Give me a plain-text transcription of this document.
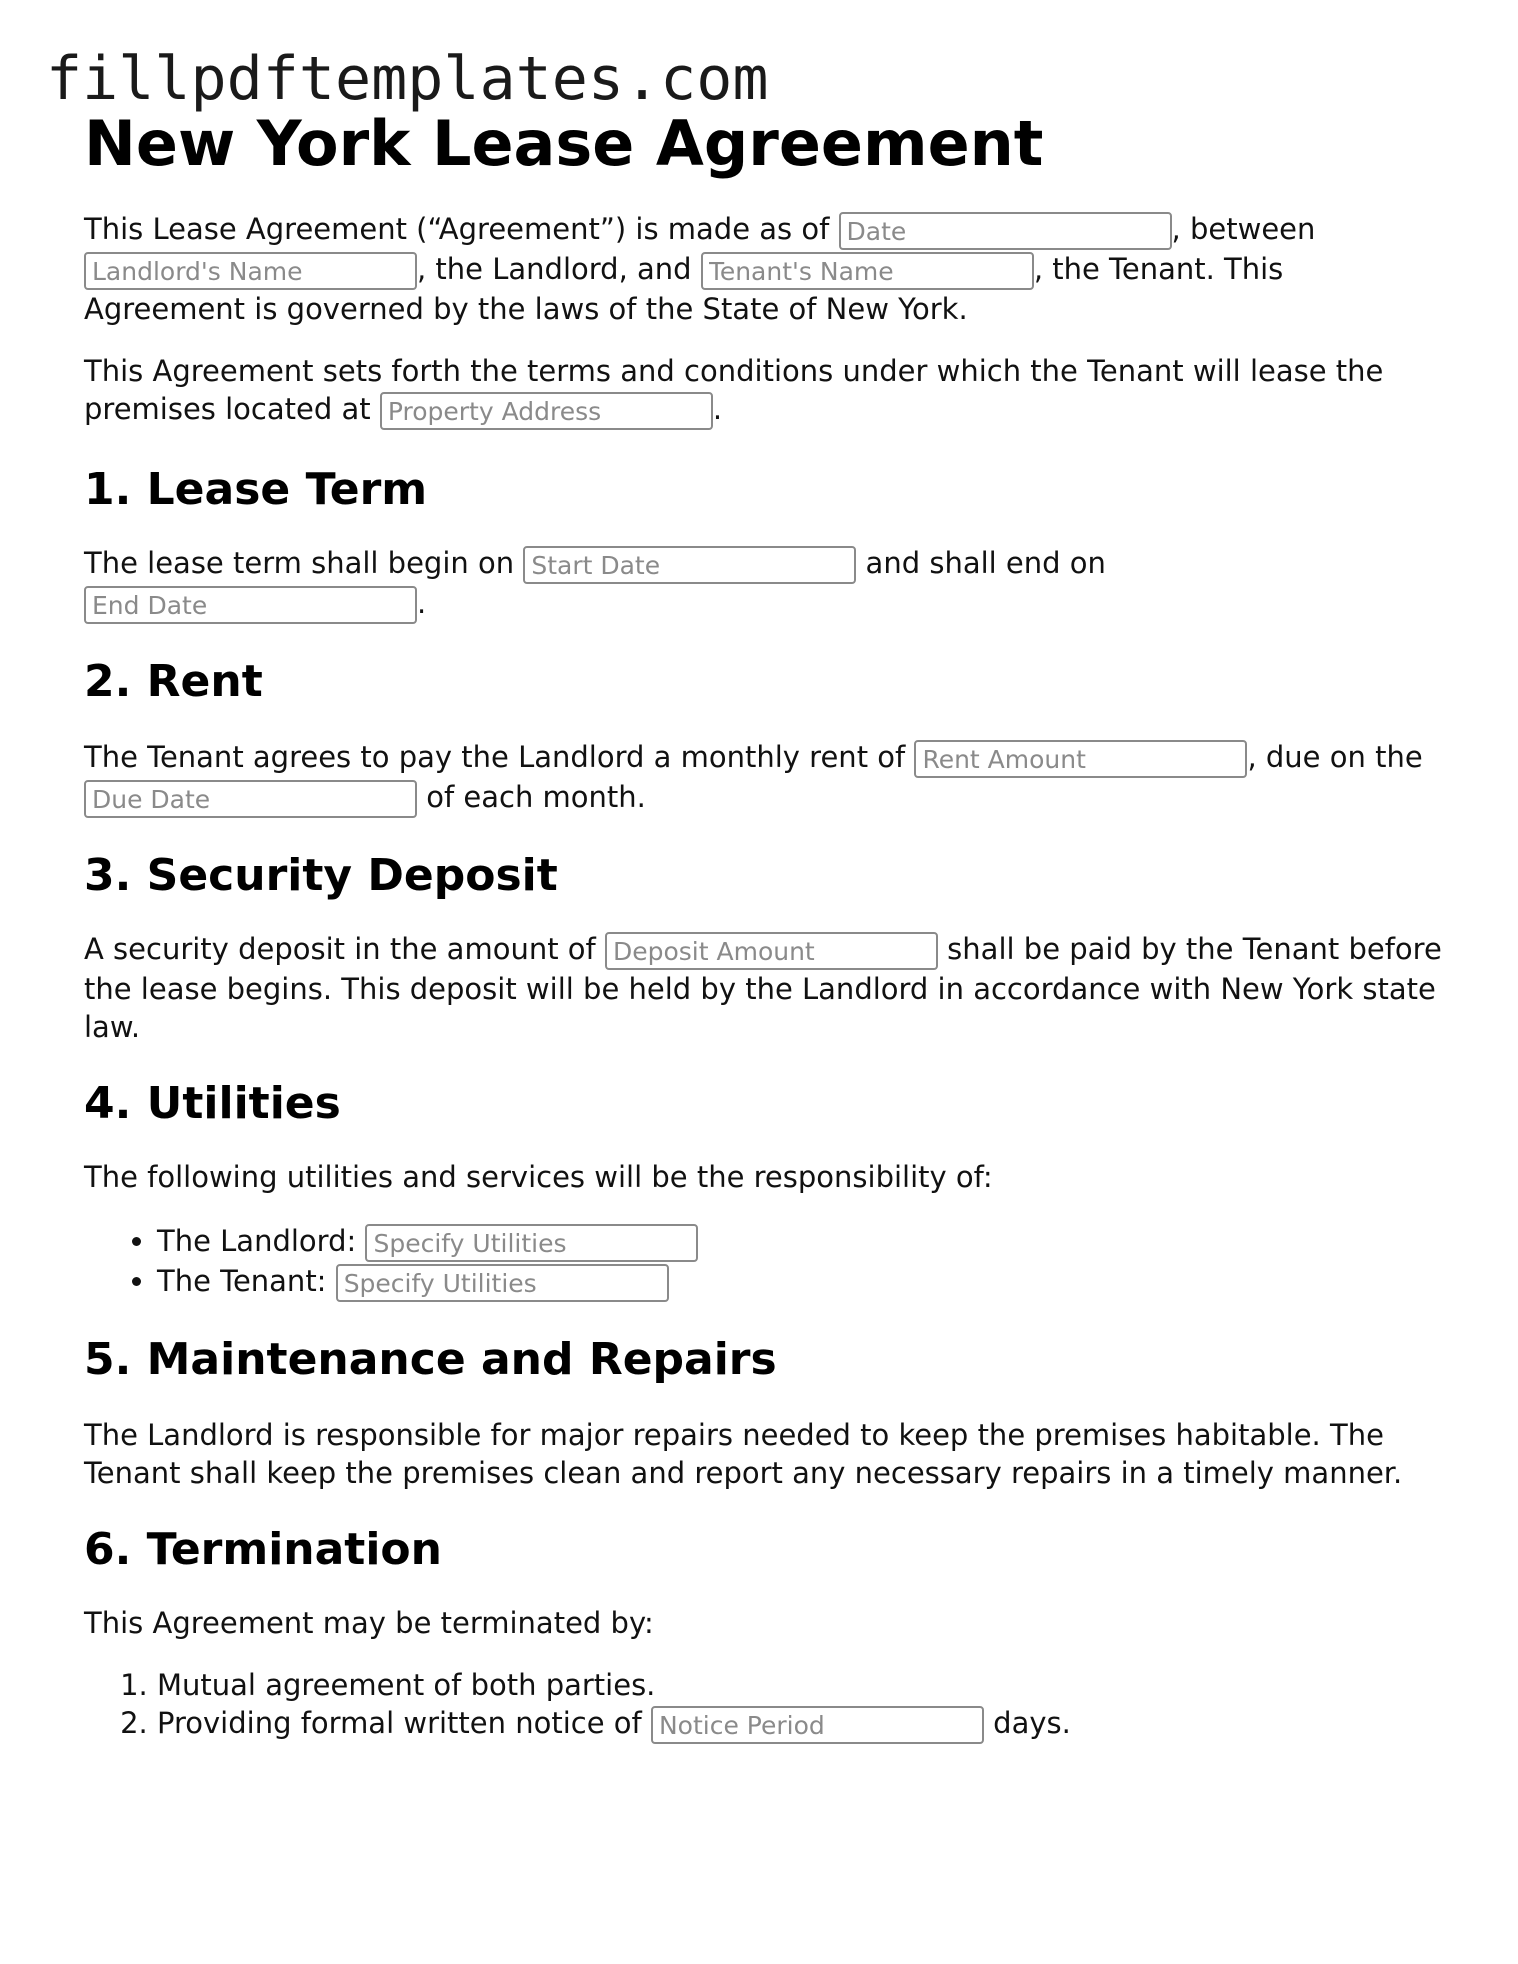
fillpdftemplates.com
New York Lease Agreement

This Lease Agreement (“Agreement”) is made as of Date	, between Landlord's Name, the Landlord, and Tenant's Name	, the Tenant. This Agreement is governed by the laws of the State of New York.

This Agreement sets forth the terms and conditions under which the Tenant will lease the premises located at Property Address	.

1. Lease Term

The lease term shall begin on Start Date	and shall end on End Date.

2. Rent

The Tenant agrees to pay the Landlord a monthly rent of Rent Amount	, due on the Due Date of each month.

3. Security Deposit

A security deposit in the amount of Deposit Amount	shall be paid by the Tenant before the lease begins. This deposit will be held by the Landlord in accordance with New York state law.

4. Utilities

The following utilities and services will be the responsibility of:

• The Landlord: Specify Utilities
• The Tenant: Specify Utilities
5. Maintenance and Repairs

The Landlord is responsible for major repairs needed to keep the premises habitable. The Tenant shall keep the premises clean and report any necessary repairs in a timely manner.

6. Termination

This Agreement may be terminated by:

1. Mutual agreement of both parties.
2. Providing formal written notice of Notice Period	days.
